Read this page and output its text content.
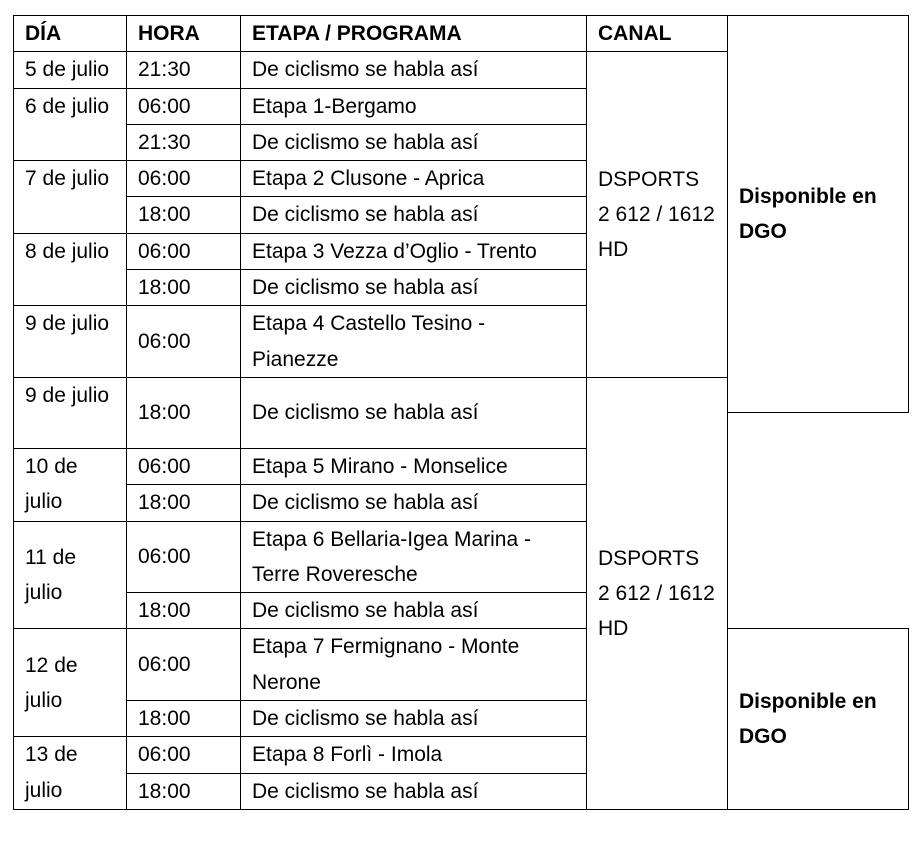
DÍA	HORA	ETAPA / PROGRAMA	CANAL	Disponible en DGO
5 de julio	21:30	De ciclismo se habla así	DSPORTS 2 612 / 1612 HD	
6 de julio	06:00	Etapa 1-Bergamo		
	21:30	De ciclismo se habla así		
7 de julio	06:00	Etapa 2 Clusone - Aprica		
	18:00	De ciclismo se habla así		
8 de julio	06:00	Etapa 3 Vezza d’Oglio - Trento		
	18:00	De ciclismo se habla así		
9 de julio	06:00	Etapa 4 Castello Tesino - Pianezze		

9 de julio	18:00	De ciclismo se habla así	DSPORTS 2 612 / 1612 HD	

10 de julio	06:00	Etapa 5 Mirano - Monselice		
	18:00	De ciclismo se habla así		
11 de julio	06:00	Etapa 6 Bellaria-Igea Marina - Terre Roveresche		

	18:00	De ciclismo se habla así		
12 de julio	06:00	Etapa 7 Fermignano - Monte Nerone		Disponible en DGO

	18:00	De ciclismo se habla así		
13 de julio	06:00	Etapa 8 Forlì - Imola		
	18:00	De ciclismo se habla así		
